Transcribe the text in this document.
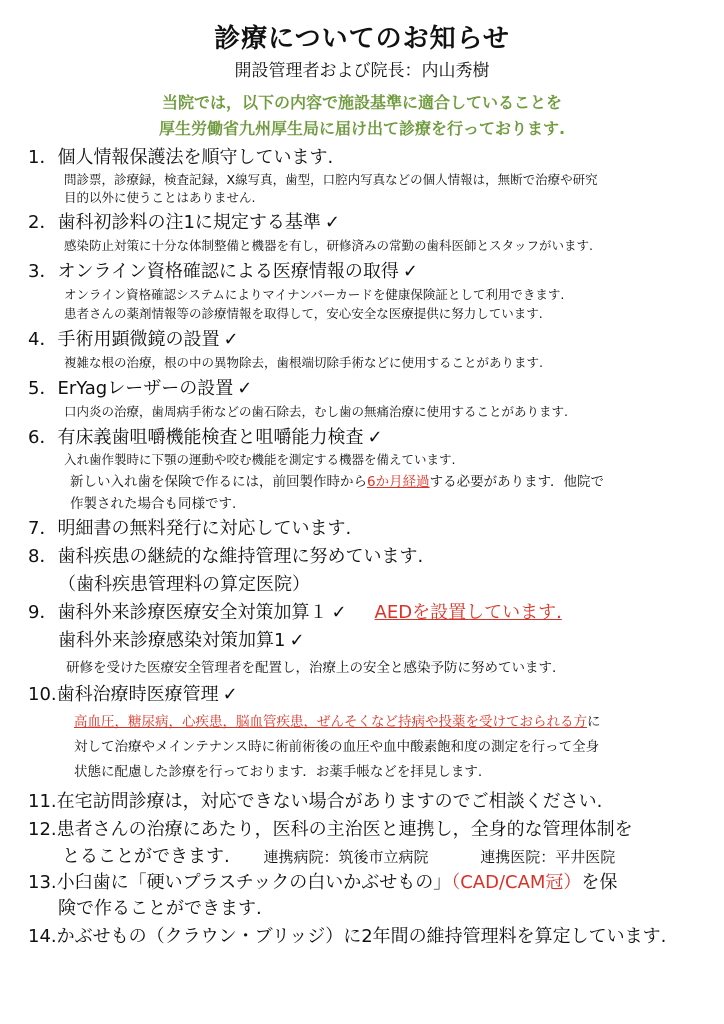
診療についてのお知らせ
開設管理者および院長：内山秀樹
当院では，以下の内容で施設基準に適合していることを
厚生労働省九州厚生局に届け出て診療を行っております.
1．個人情報保護法を順守しています.
問診票，診療録，検査記録，X線写真，歯型，口腔内写真などの個人情報は，無断で治療や研究
目的以外に使うことはありません.
2．歯科初診料の注1に規定する基準 ✓
感染防止対策に十分な体制整備と機器を有し，研修済みの常勤の歯科医師とスタッフがいます.
3．オンライン資格確認による医療情報の取得 ✓
オンライン資格確認システムによりマイナンバーカードを健康保険証として利用できます.
患者さんの薬剤情報等の診療情報を取得して，安心安全な医療提供に努力しています.
4．手術用顕微鏡の設置 ✓
複雑な根の治療，根の中の異物除去，歯根端切除手術などに使用することがあります.
5．ErYagレーザーの設置 ✓
口内炎の治療，歯周病手術などの歯石除去，むし歯の無痛治療に使用することがあります.
6．有床義歯咀嚼機能検査と咀嚼能力検査 ✓
入れ歯作製時に下顎の運動や咬む機能を測定する機器を備えています.
新しい入れ歯を保険で作るには，前回製作時から6か月経過する必要があります．他院で
作製された場合も同様です.
7．明細書の無料発行に対応しています.
8．歯科疾患の継続的な維持管理に努めています.
（歯科疾患管理料の算定医院）
9．歯科外来診療医療安全対策加算１ ✓ AEDを設置しています.
歯科外来診療感染対策加算1 ✓
研修を受けた医療安全管理者を配置し，治療上の安全と感染予防に努めています.
10.歯科治療時医療管理 ✓
高血圧，糖尿病，心疾患，脳血管疾患，ぜんそくなど持病や投薬を受けておられる方に
対して治療やメインテナンス時に術前術後の血圧や血中酸素飽和度の測定を行って全身
状態に配慮した診療を行っております．お薬手帳などを拝見します.
11.在宅訪問診療は，対応できない場合がありますのでご相談ください.
12.患者さんの治療にあたり，医科の主治医と連携し，全身的な管理体制を
とることができます. 連携病院：筑後市立病院	連携医院：平井医院
13.小臼歯に「硬いプラスチックの白いかぶせもの」（CAD/CAM冠）を保
険で作ることができます.
14.かぶせもの（クラウン・ブリッジ）に2年間の維持管理料を算定しています.
